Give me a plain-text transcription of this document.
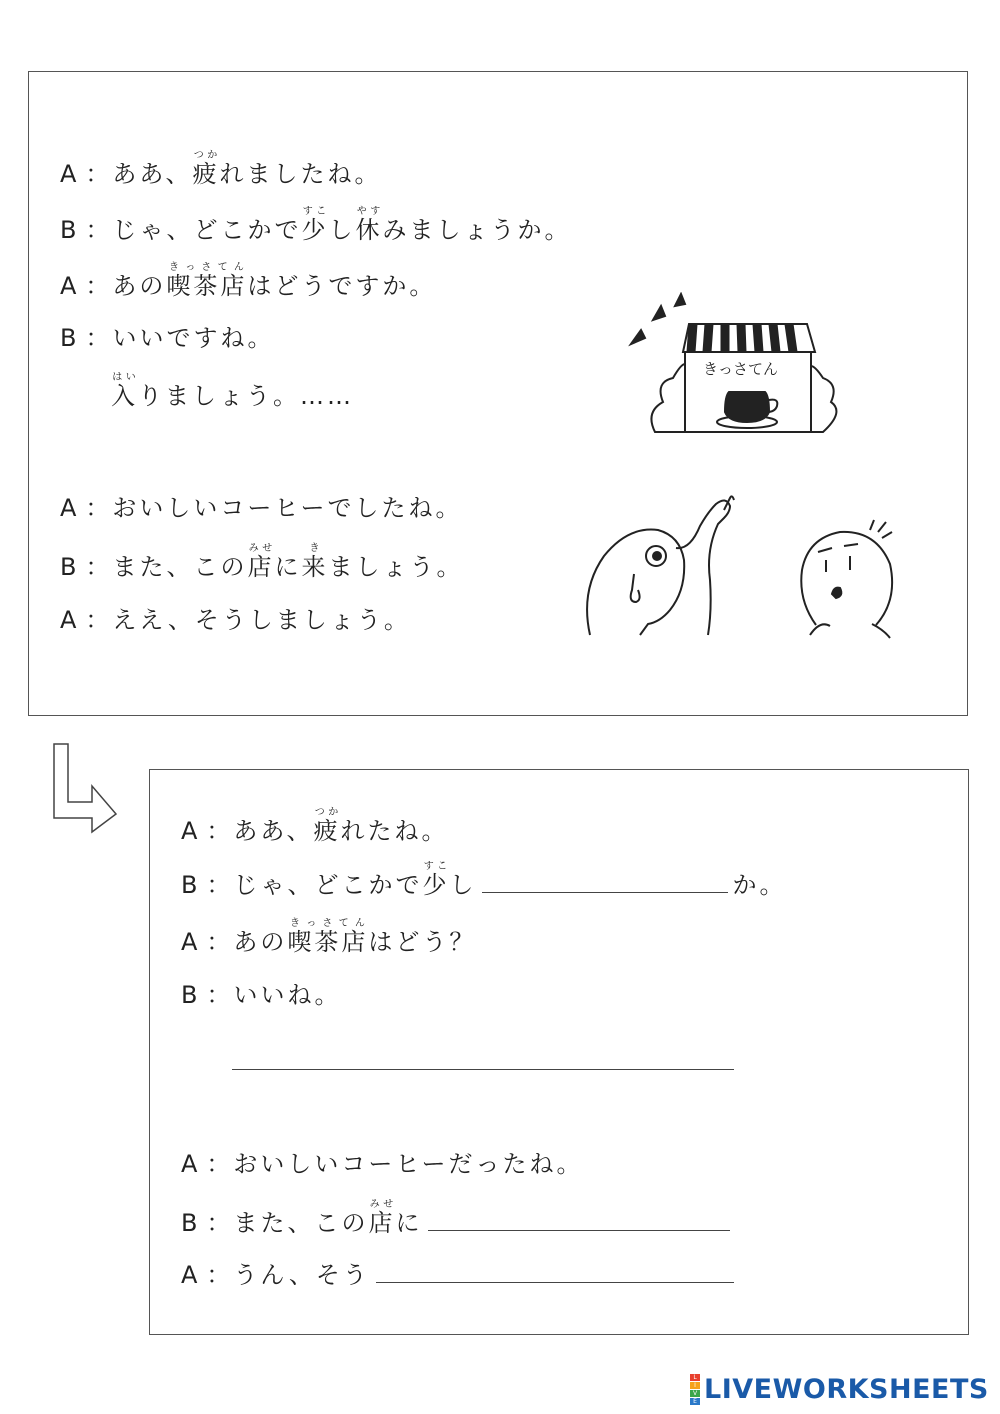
A ： ああ、 疲つか
れましたね。
B ： じゃ、どこかで 少すこ
し 休やす
みましょうか。
A ： あの 喫茶店きっさてん
はどうですか。
B ： いいですね。
入はい
りましょう。……
A ： おいしいコーヒーでしたね。
B ： また、この 店みせ
に 来き
ましょう。
A ： ええ、そうしましょう。
きっさてん
A ： ああ、 疲つか
れたね。
B ： じゃ、どこかで 少すこ
し	か。
A ： あの 喫茶店きっさてん
はどう？
B ： いいね。
A ： おいしいコーヒーだったね。
B ： また、この 店みせ
に
A ： うん、そう
L
I
V
E LIVEWORKSHEETS
